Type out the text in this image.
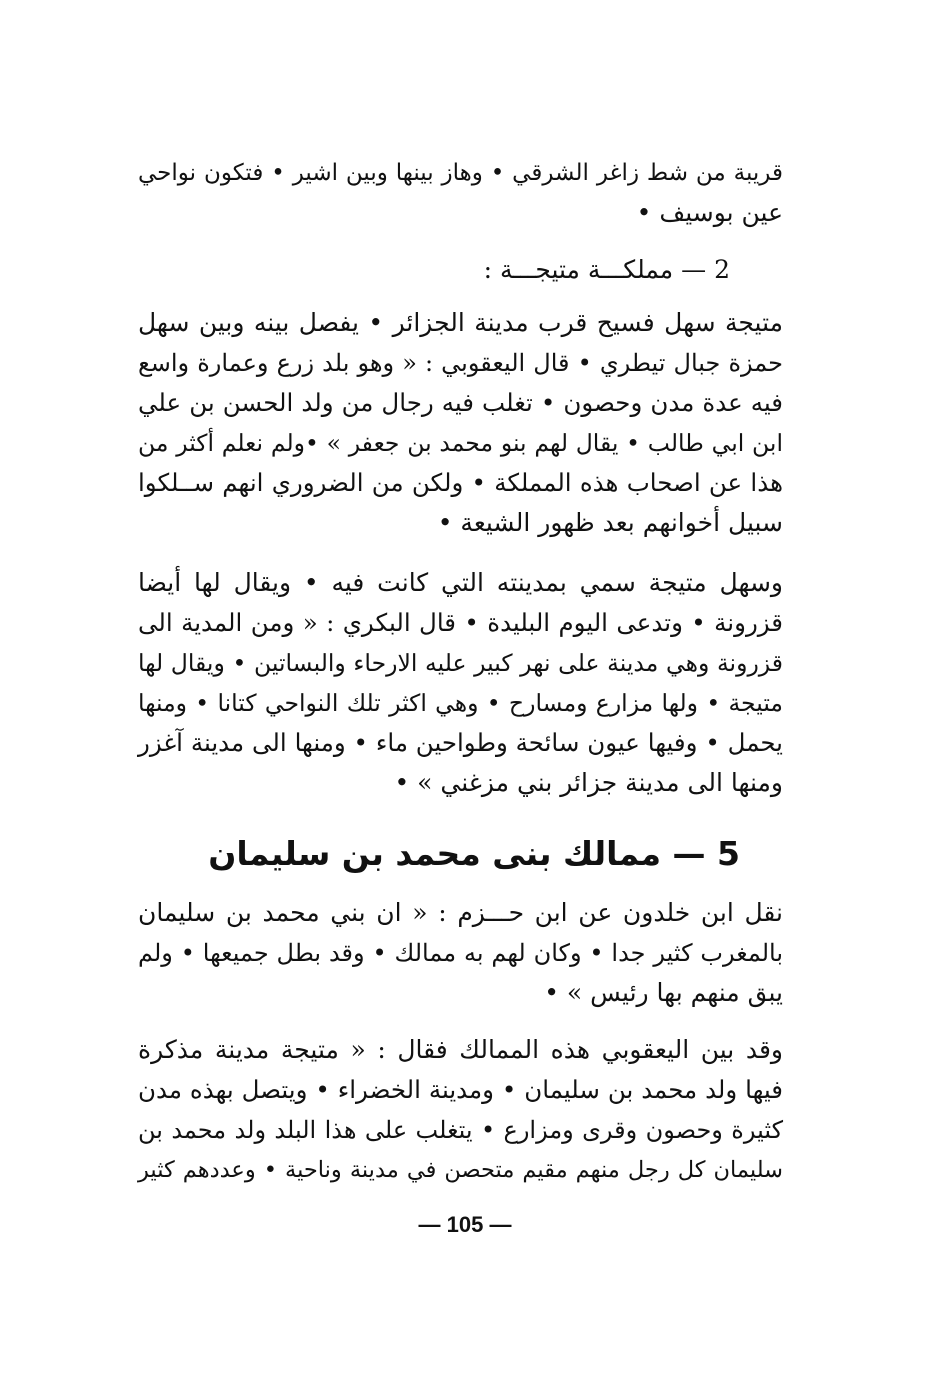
قريبة من شط زاغر الشرقي • وهاز بينها وبين اشير • فتكون نواحي
عين بوسيف •
2 — مملكـــة متيجـــة :
متيجة سهل فسيح قرب مدينة الجزائر • يفصل بينه وبين سهل
حمزة جبال تيطري • قال اليعقوبي : « وهو بلد زرع وعمارة واسع
فيه عدة مدن وحصون • تغلب فيه رجال من ولد الحسن بن علي
ابن ابي طالب • يقال لهم بنو محمد بن جعفر » •ولم نعلم أكثر من
هذا عن اصحاب هذه المملكة • ولكن من الضروري انهم ســلكوا
سبيل أخوانهم بعد ظهور الشيعة •
وسهل متيجة سمي بمدينته التي كانت فيه • ويقال لها أيضا
قزرونة • وتدعى اليوم البليدة • قال البكري : « ومن المدية الى
قزرونة وهي مدينة على نهر كبير عليه الارحاء والبساتين • ويقال لها
متيجة • ولها مزارع ومسارح • وهي اكثر تلك النواحي كتانا • ومنها
يحمل • وفيها عيون سائحة وطواحين ماء • ومنها الى مدينة آغزر
ومنها الى مدينة جزائر بني مزغني » •
5 — ممالك بنى محمد بن سليمان
نقل ابن خلدون عن ابن حـــزم : « ان بني محمد بن سليمان
بالمغرب كثير جدا • وكان لهم به ممالك • وقد بطل جميعها • ولم
يبق منهم بها رئيس » •
وقد بين اليعقوبي هذه الممالك فقال : « متيجة مدينة مذكرة
فيها ولد محمد بن سليمان • ومدينة الخضراء • ويتصل بهذه مدن
كثيرة وحصون وقرى ومزارع • يتغلب على هذا البلد ولد محمد بن
سليمان كل رجل منهم مقيم متحصن في مدينة وناحية • وعددهم كثير
— 105 —
